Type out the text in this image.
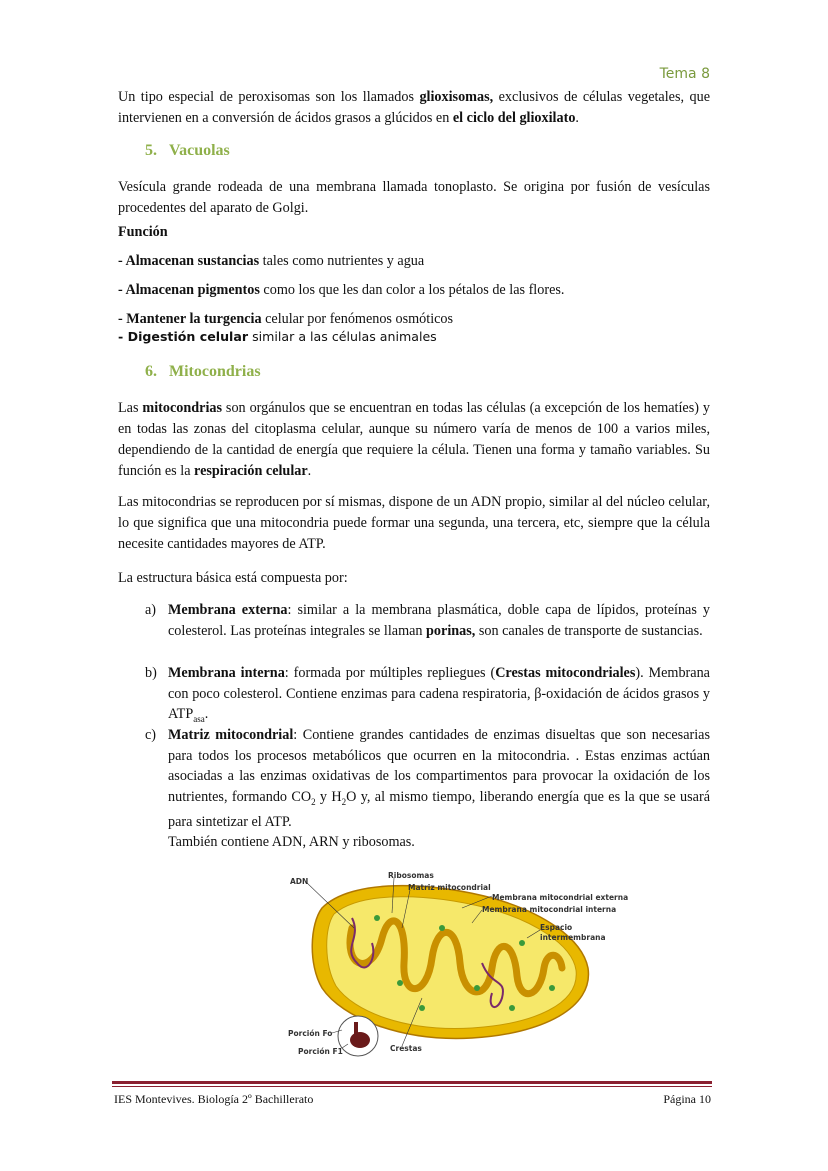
Tema 8
Un tipo especial de peroxisomas son los llamados glioxisomas, exclusivos de células vegetales, que intervienen en a conversión de ácidos grasos a glúcidos en el ciclo del glioxilato.
5. Vacuolas
Vesícula grande rodeada de una membrana llamada tonoplasto. Se origina por fusión de vesículas procedentes del aparato de Golgi.
Función
- Almacenan sustancias tales como nutrientes y agua
- Almacenan pigmentos como los que les dan color a los pétalos de las flores.
- Mantener la turgencia celular por fenómenos osmóticos
- Digestión celular similar a las células animales
6. Mitocondrias
Las mitocondrias son orgánulos que se encuentran en todas las células (a excepción de los hematíes) y en todas las zonas del citoplasma celular, aunque su número varía de menos de 100 a varios miles, dependiendo de la cantidad de energía que requiere la célula. Tienen una forma y tamaño variables. Su función es la respiración celular.
Las mitocondrias se reproducen por sí mismas, dispone de un ADN propio, similar al del núcleo celular, lo que significa que una mitocondria puede formar una segunda, una tercera, etc, siempre que la célula necesite cantidades mayores de ATP.
La estructura básica está compuesta por:
a) Membrana externa: similar a la membrana plasmática, doble capa de lípidos, proteínas y colesterol. Las proteínas integrales se llaman porinas, son canales de transporte de sustancias.
b) Membrana interna: formada por múltiples repliegues (Crestas mitocondriales). Membrana con poco colesterol. Contiene enzimas para cadena respiratoria, β-oxidación de ácidos grasos y $ATP_{asa}$.
c) Matriz mitocondrial: Contiene grandes cantidades de enzimas disueltas que son necesarias para todos los procesos metabólicos que ocurren en la mitocondria. . Estas enzimas actúan asociadas a las enzimas oxidativas de los compartimentos para provocar la oxidación de los nutrientes, formando $CO_2$ y $H_2O$ y, al mismo tiempo, liberando energía que es la que se usará para sintetizar el ATP.
También contiene ADN, ARN y ribosomas.
ADN
Ribosomas
Matriz mitocondrial
Membrana mitocondrial externa
Membrana mitocondrial interna
Espacio
intermembrana
Porción Fo
Porción F1	Crestas
IES Montevives. Biología 2º Bachillerato	Página 10
